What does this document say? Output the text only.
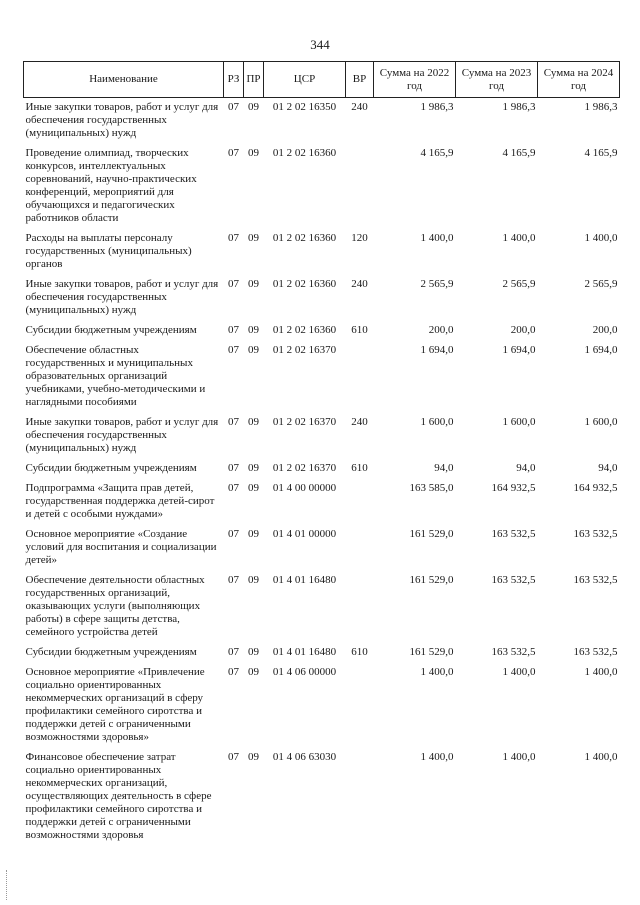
344
Наименование	РЗ	ПР	ЦСР	ВР	Сумма на 2022 год	Сумма на 2023 год	Сумма на 2024 год
Иные закупки товаров, работ и услуг для обеспечения государственных (муниципальных) нужд	07	09	01 2 02 16350	240	1 986,3	1 986,3	1 986,3
Проведение олимпиад, творческих конкурсов, интеллектуальных соревнований, научно-практических конференций, мероприятий для обучающихся и педагогических работников области	07	09	01 2 02 16360		4 165,9	4 165,9	4 165,9
Расходы на выплаты персоналу государственных (муниципальных) органов	07	09	01 2 02 16360	120	1 400,0	1 400,0	1 400,0
Иные закупки товаров, работ и услуг для обеспечения государственных (муниципальных) нужд	07	09	01 2 02 16360	240	2 565,9	2 565,9	2 565,9
Субсидии бюджетным учреждениям	07	09	01 2 02 16360	610	200,0	200,0	200,0
Обеспечение областных государственных и муниципальных образовательных организаций учебниками, учебно-методическими и наглядными пособиями	07	09	01 2 02 16370		1 694,0	1 694,0	1 694,0
Иные закупки товаров, работ и услуг для обеспечения государственных (муниципальных) нужд	07	09	01 2 02 16370	240	1 600,0	1 600,0	1 600,0
Субсидии бюджетным учреждениям	07	09	01 2 02 16370	610	94,0	94,0	94,0
Подпрограмма «Защита прав детей, государственная поддержка детей-сирот и детей с особыми нуждами»	07	09	01 4 00 00000		163 585,0	164 932,5	164 932,5
Основное мероприятие «Создание условий для воспитания и социализации детей»	07	09	01 4 01 00000		161 529,0	163 532,5	163 532,5
Обеспечение деятельности областных государственных организаций, оказывающих услуги (выполняющих работы) в сфере защиты детства, семейного устройства детей	07	09	01 4 01 16480		161 529,0	163 532,5	163 532,5
Субсидии бюджетным учреждениям	07	09	01 4 01 16480	610	161 529,0	163 532,5	163 532,5
Основное мероприятие «Привлечение социально ориентированных некоммерческих организаций в сферу профилактики семейного сиротства и поддержки детей с ограниченными возможностями здоровья»	07	09	01 4 06 00000		1 400,0	1 400,0	1 400,0
Финансовое обеспечение затрат социально ориентированных некоммерческих организаций, осуществляющих деятельность в сфере профилактики семейного сиротства и поддержки детей с ограниченными возможностями здоровья	07	09	01 4 06 63030		1 400,0	1 400,0	1 400,0
